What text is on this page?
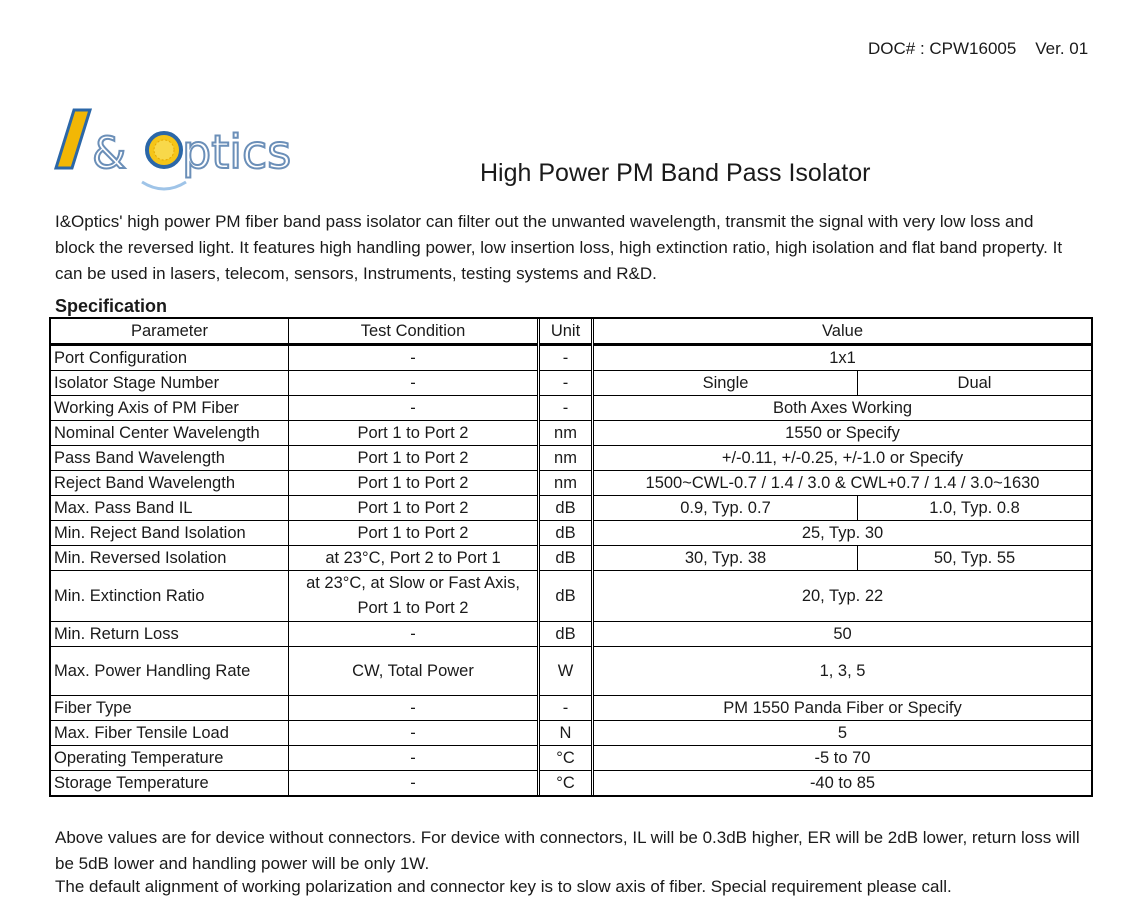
DOC# : CPW16005 Ver. 01
& ptics	High Power PM Band Pass Isolator
I&Optics' high power PM fiber band pass isolator can filter out the unwanted wavelength, transmit the signal with very low loss and block the reversed light. It features high handling power, low insertion loss, high extinction ratio, high isolation and flat band property. It can be used in lasers, telecom, sensors, Instruments, testing systems and R&D.
Specification
Parameter	Test Condition	Unit	Value	
Port Configuration	-	-	1x1	
Isolator Stage Number	-	-	Single	Dual
Working Axis of PM Fiber	-	-	Both Axes Working	
Nominal Center Wavelength	Port 1 to Port 2	nm	1550 or Specify	
Pass Band Wavelength	Port 1 to Port 2	nm	+/-0.11, +/-0.25, +/-1.0 or Specify	
Reject Band Wavelength	Port 1 to Port 2	nm	1500~CWL-0.7 / 1.4 / 3.0 & CWL+0.7 / 1.4 / 3.0~1630	
Max. Pass Band IL	Port 1 to Port 2	dB	0.9, Typ. 0.7	1.0, Typ. 0.8
Min. Reject Band Isolation	Port 1 to Port 2	dB	25, Typ. 30	
Min. Reversed Isolation	at 23°C, Port 2 to Port 1	dB	30, Typ. 38	50, Typ. 55
Min. Extinction Ratio	at 23°C, at Slow or Fast Axis,
Port 1 to Port 2	dB	20, Typ. 22	
Min. Return Loss	-	dB	50	
Max. Power Handling Rate	CW, Total Power	W	1, 3, 5	
Fiber Type	-	-	PM 1550 Panda Fiber or Specify	
Max. Fiber Tensile Load	-	N	5	
Operating Temperature	-	°C	-5 to 70	
Storage Temperature	-	°C	-40 to 85	

Above values are for device without connectors. For device with connectors, IL will be 0.3dB higher, ER will be 2dB lower, return loss will be 5dB lower and handling power will be only 1W.

The default alignment of working polarization and connector key is to slow axis of fiber. Special requirement please call.
